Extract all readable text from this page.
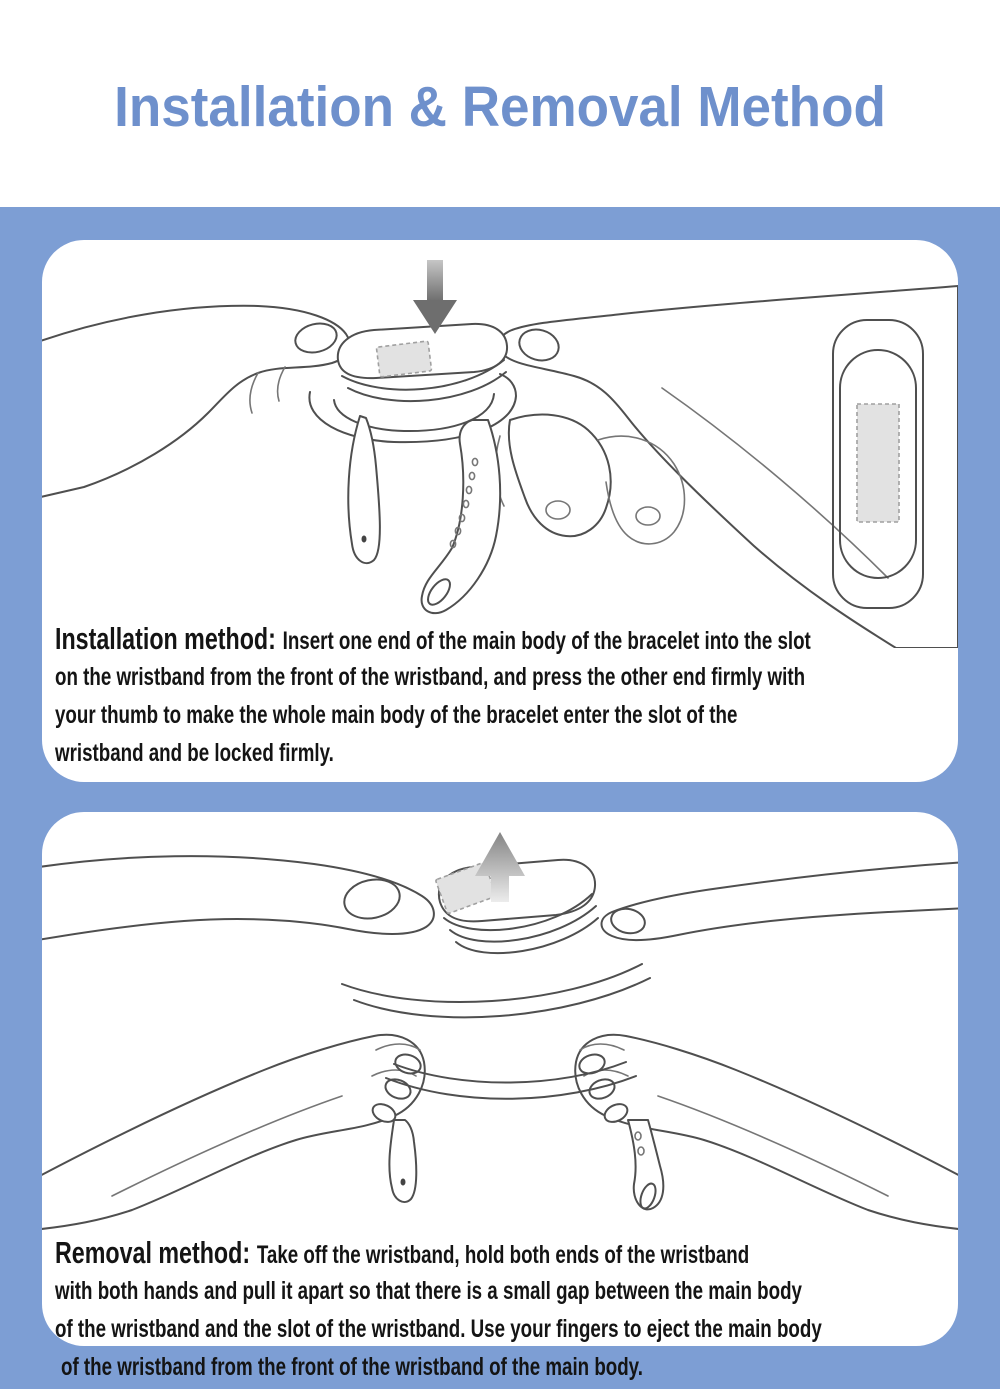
Installation & Removal Method
Installation method: Insert one end of the main body of the bracelet into the slot
on the wristband from the front of the wristband, and press the other end firmly with
your thumb to make the whole main body of the bracelet enter the slot of the
wristband and be locked firmly.
Removal method: Take off the wristband, hold both ends of the wristband
with both hands and pull it apart so that there is a small gap between the main body
of the wristband and the slot of the wristband. Use your fingers to eject the main body
of the wristband from the front of the wristband of the main body.
